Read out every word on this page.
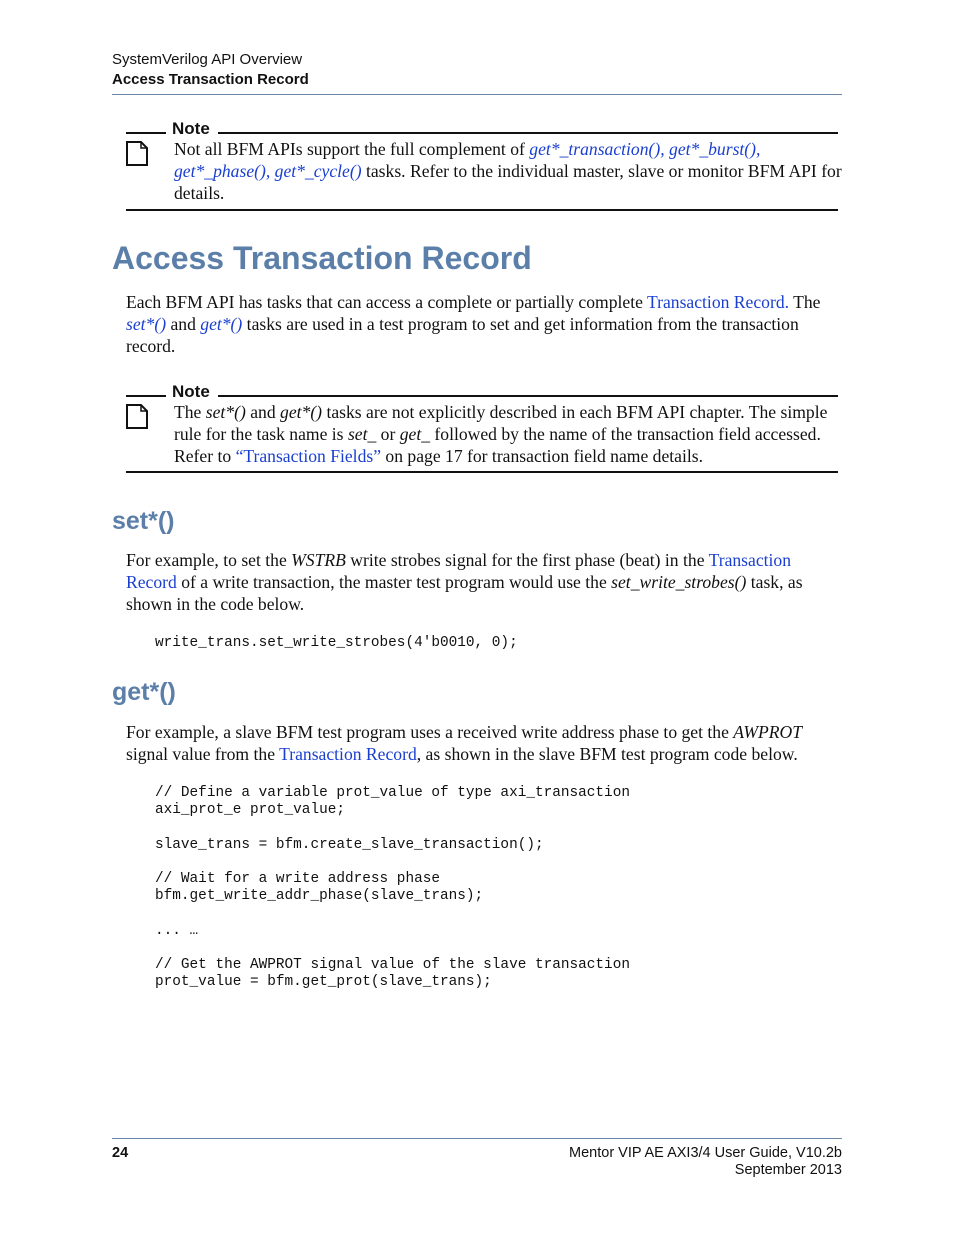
SystemVerilog API Overview
Access Transaction Record
Note
Not all BFM APIs support the full complement of get*_transaction(), get*_burst(), get*_phase(), get*_cycle() tasks. Refer to the individual master, slave or monitor BFM API for details.
Access Transaction Record
Each BFM API has tasks that can access a complete or partially complete Transaction Record. The set*() and get*() tasks are used in a test program to set and get information from the transaction record.
Note
The set*() and get*() tasks are not explicitly described in each BFM API chapter. The simple rule for the task name is set_ or get_ followed by the name of the transaction field accessed. Refer to “Transaction Fields” on page 17 for transaction field name details.
set*()
For example, to set the WSTRB write strobes signal for the first phase (beat) in the Transaction Record of a write transaction, the master test program would use the set_write_strobes() task, as shown in the code below.
write_trans.set_write_strobes(4'b0010, 0);
get*()
For example, a slave BFM test program uses a received write address phase to get the AWPROT signal value from the Transaction Record, as shown in the slave BFM test program code below.
// Define a variable prot_value of type axi_transaction
axi_prot_e prot_value;

slave_trans = bfm.create_slave_transaction();

// Wait for a write address phase
bfm.get_write_addr_phase(slave_trans);

... …

// Get the AWPROT signal value of the slave transaction
prot_value = bfm.get_prot(slave_trans);
24	Mentor VIP AE AXI3/4 User Guide, V10.2b
September 2013
